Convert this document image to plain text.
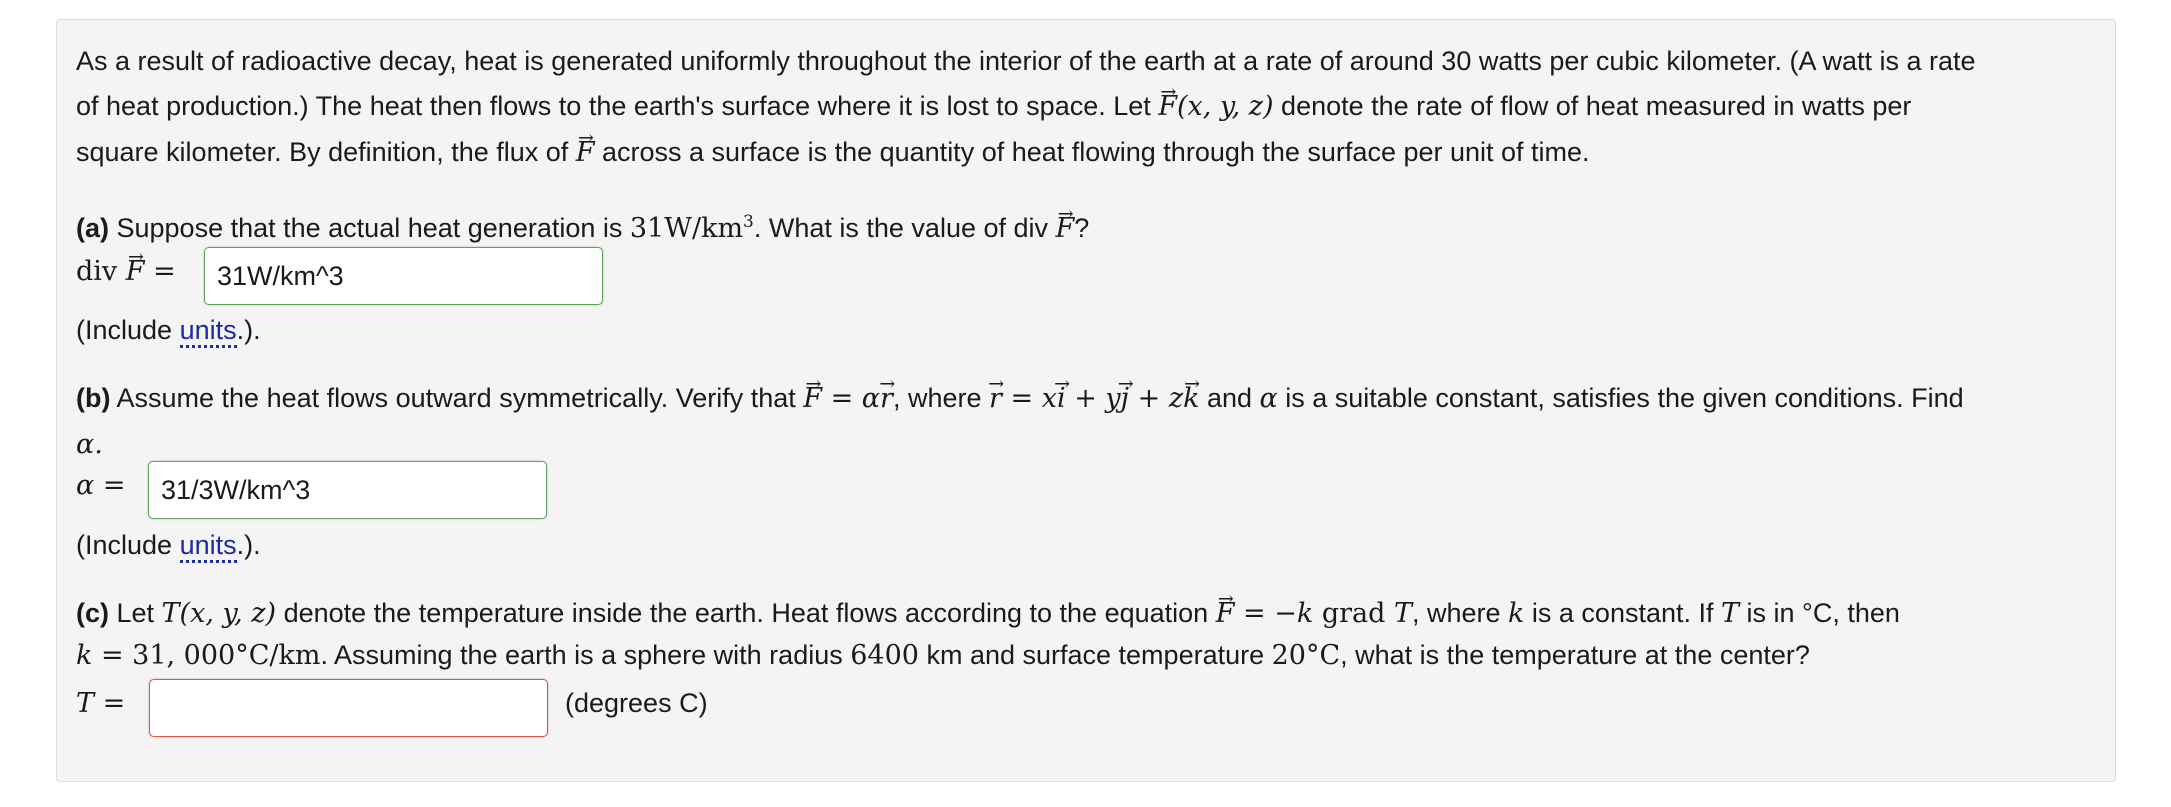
As a result of radioactive decay, heat is generated uniformly throughout the interior of the earth at a rate of around 30 watts per cubic kilometer. (A watt is a rate
of heat production.) The heat then flows to the earth's surface where it is lost to space. Let → F(x, y, z) denote the rate of flow of heat measured in watts per
square kilometer. By definition, the flux of → F across a surface is the quantity of heat flowing through the surface per unit of time.
(a) Suppose that the actual heat generation is $31W/km^3$. What is the value of div → F?
div → F =
31W/km^3
(Include units.).
(b) Assume the heat flows outward symmetrically. Verify that → F = α→ r, where → r = x→ i + y→ j + z→ k and α is a suitable constant, satisfies the given conditions. Find
α.
α =
31/3W/km^3
(Include units.).
(c) Let T(x, y, z) denote the temperature inside the earth. Heat flows according to the equation → F = −k grad T, where k is a constant. If T is in °C, then
k = 31, 000°C/km. Assuming the earth is a sphere with radius 6400 km and surface temperature 20°C, what is the temperature at the center?
T =	(degrees C)
